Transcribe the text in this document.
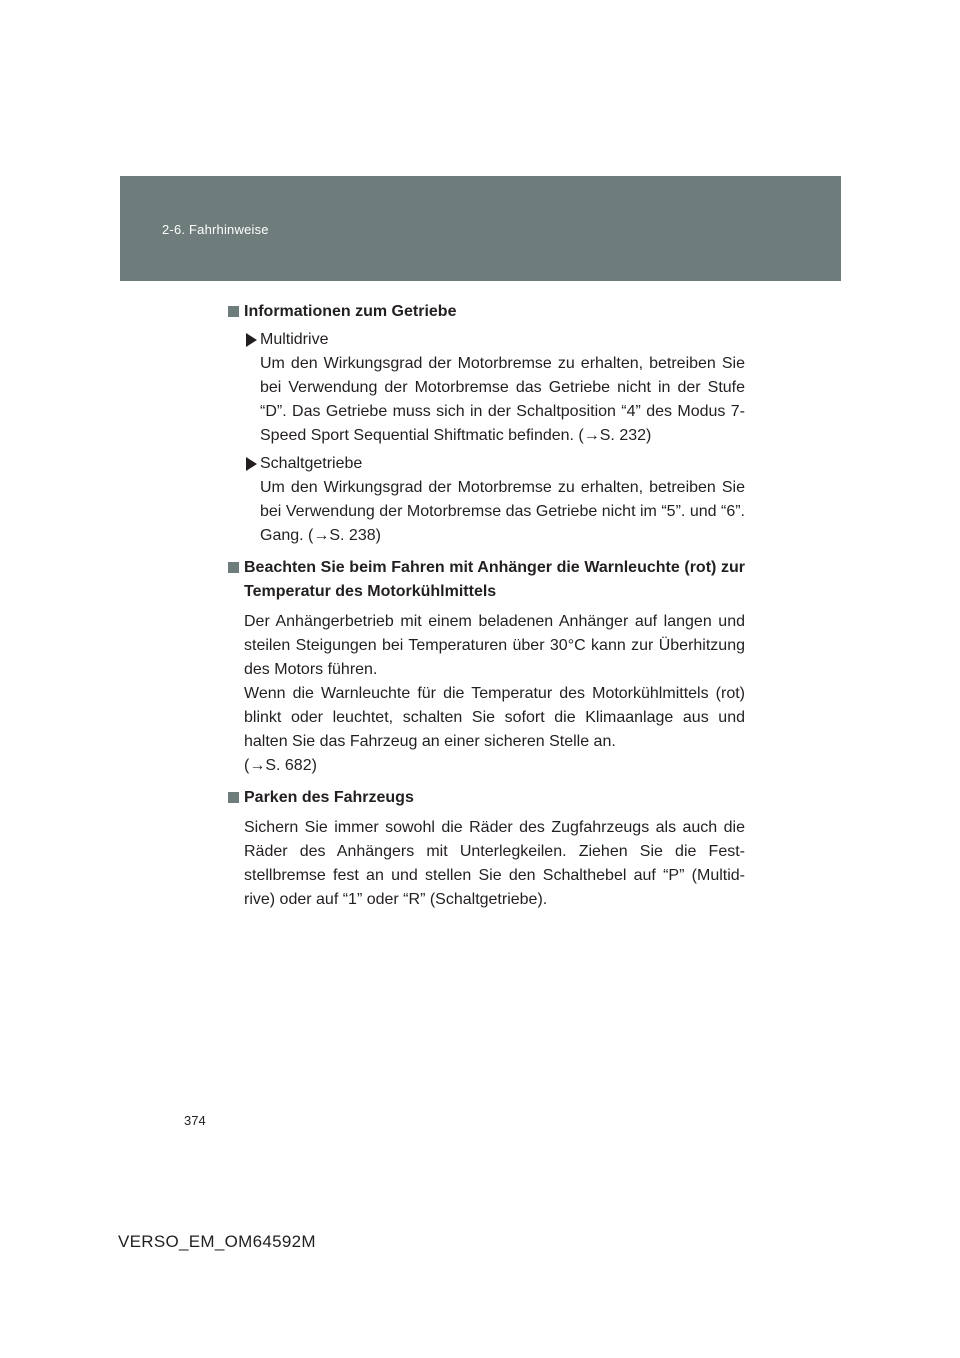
2-6. Fahrhinweise
Informationen zum Getriebe
Multidrive
Um den Wirkungsgrad der Motorbremse zu erhalten, betreiben Sie bei Verwendung der Motorbremse das Getriebe nicht in der Stufe “D”. Das Getriebe muss sich in der Schaltposition “4” des Modus 7-Speed Sport Sequential Shiftmatic befinden. (→S. 232)
Schaltgetriebe
Um den Wirkungsgrad der Motorbremse zu erhalten, betreiben Sie bei Verwendung der Motorbremse das Getriebe nicht im “5”. und “6”. Gang. (→S. 238)
Beachten Sie beim Fahren mit Anhänger die Warnleuchte (rot) zur Temperatur des Motorkühlmittels
Der Anhängerbetrieb mit einem beladenen Anhänger auf langen und steilen Steigungen bei Temperaturen über 30°C kann zur Überhitzung des Motors führen.
Wenn die Warnleuchte für die Temperatur des Motorkühlmittels (rot) blinkt oder leuchtet, schalten Sie sofort die Klimaanlage aus und halten Sie das Fahrzeug an einer sicheren Stelle an.
(→S. 682)
Parken des Fahrzeugs
Sichern Sie immer sowohl die Räder des Zugfahrzeugs als auch die Räder des Anhängers mit Unterlegkeilen. Ziehen Sie die Fest-stellbremse fest an und stellen Sie den Schalthebel auf “P” (Multid-rive) oder auf “1” oder “R” (Schaltgetriebe).
374
VERSO_EM_OM64592M
